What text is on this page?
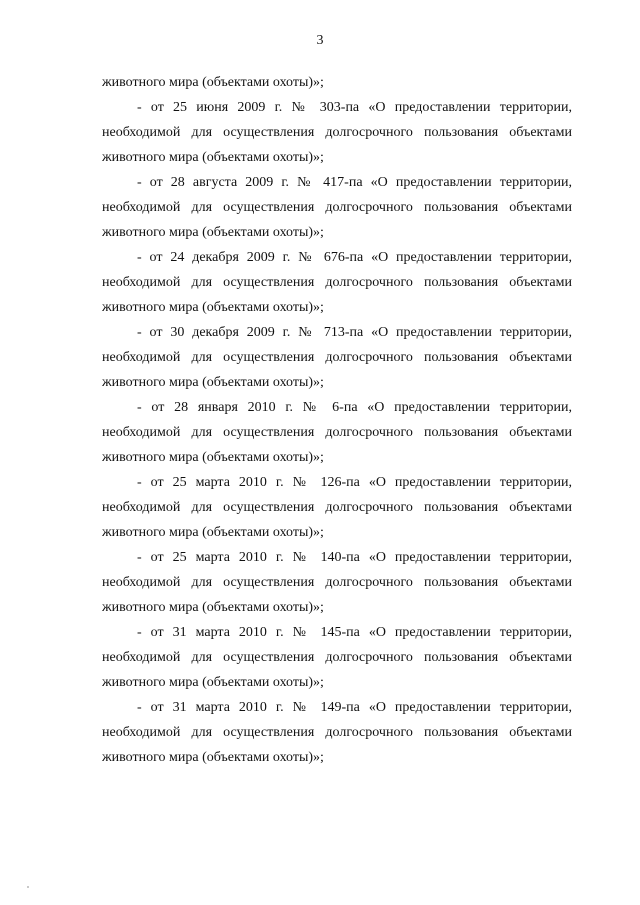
3
животного мира (объектами охоты)»;
- от 25 июня 2009 г. № 303-па «О предоставлении территории,
необходимой для осуществления долгосрочного пользования объектами
животного мира (объектами охоты)»;
- от 28 августа 2009 г. № 417-па «О предоставлении территории,
необходимой для осуществления долгосрочного пользования объектами
животного мира (объектами охоты)»;
- от 24 декабря 2009 г. № 676-па «О предоставлении территории,
необходимой для осуществления долгосрочного пользования объектами
животного мира (объектами охоты)»;
- от 30 декабря 2009 г. № 713-па «О предоставлении территории,
необходимой для осуществления долгосрочного пользования объектами
животного мира (объектами охоты)»;
- от 28 января 2010 г. № 6-па «О предоставлении территории,
необходимой для осуществления долгосрочного пользования объектами
животного мира (объектами охоты)»;
- от 25 марта 2010 г. № 126-па «О предоставлении территории,
необходимой для осуществления долгосрочного пользования объектами
животного мира (объектами охоты)»;
- от 25 марта 2010 г. № 140-па «О предоставлении территории,
необходимой для осуществления долгосрочного пользования объектами
животного мира (объектами охоты)»;
- от 31 марта 2010 г. № 145-па «О предоставлении территории,
необходимой для осуществления долгосрочного пользования объектами
животного мира (объектами охоты)»;
- от 31 марта 2010 г. № 149-па «О предоставлении территории,
необходимой для осуществления долгосрочного пользования объектами
животного мира (объектами охоты)»;
